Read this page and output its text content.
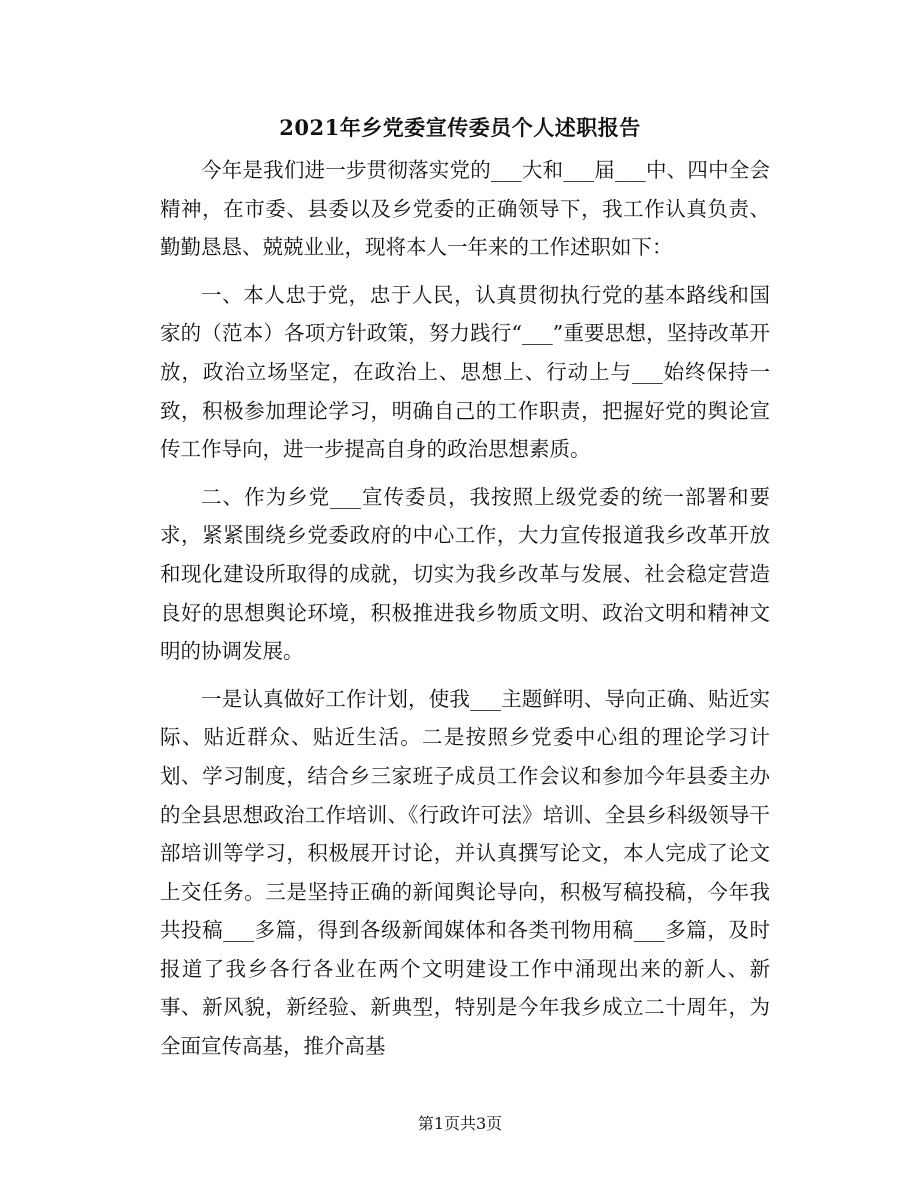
2021年乡党委宣传委员个人述职报告

今年是我们进一步贯彻落实党的___大和___届___中、四中全会精神，在市委、县委以及乡党委的正确领导下，我工作认真负责、勤勤恳恳、兢兢业业，现将本人一年来的工作述职如下：

一、本人忠于党，忠于人民，认真贯彻执行党的基本路线和国家的（范本）各项方针政策，努力践行“___”重要思想，坚持改革开放，政治立场坚定，在政治上、思想上、行动上与___始终保持一致，积极参加理论学习，明确自己的工作职责，把握好党的舆论宣传工作导向，进一步提高自身的政治思想素质。

二、作为乡党___宣传委员，我按照上级党委的统一部署和要求，紧紧围绕乡党委政府的中心工作，大力宣传报道我乡改革开放和现化建设所取得的成就，切实为我乡改革与发展、社会稳定营造良好的思想舆论环境，积极推进我乡物质文明、政治文明和精神文明的协调发展。

一是认真做好工作计划，使我___主题鲜明、导向正确、贴近实际、贴近群众、贴近生活。二是按照乡党委中心组的理论学习计划、学习制度，结合乡三家班子成员工作会议和参加今年县委主办的全县思想政治工作培训、《行政许可法》培训、全县乡科级领导干部培训等学习，积极展开讨论，并认真撰写论文，本人完成了论文上交任务。三是坚持正确的新闻舆论导向，积极写稿投稿，今年我共投稿___多篇，得到各级新闻媒体和各类刊物用稿___多篇，及时报道了我乡各行各业在两个文明建设工作中涌现出来的新人、新事、新风貌，新经验、新典型，特别是今年我乡成立二十周年，为全面宣传高基，推介高基

第1页共3页
